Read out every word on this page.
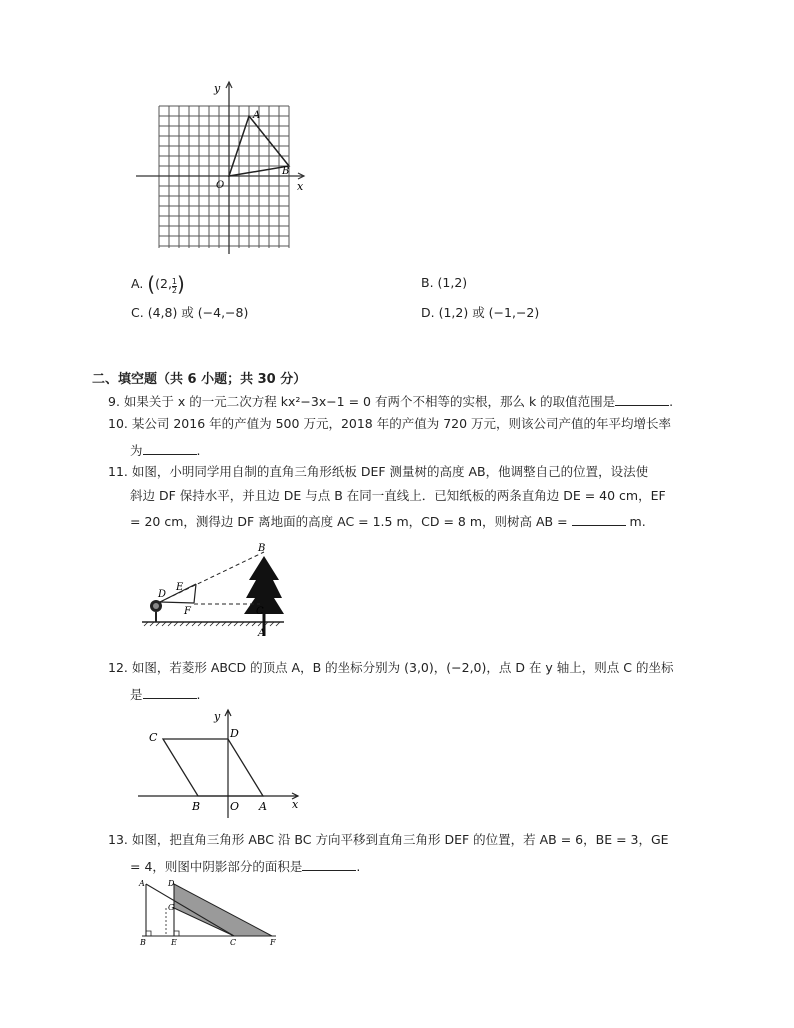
y
x
O
A
B
A. ((2, $\frac{1}{2}$ )	B. (1,2)
C. (4,8) 或 (−4,−8)	D. (1,2) 或 (−1,−2)
二、填空题（共 6 小题；共 30 分）
9. 如果关于 x 的一元二次方程 kx²−3x−1 = 0 有两个不相等的实根，那么 k 的取值范围是	.
10. 某公司 2016 年的产值为 500 万元，2018 年的产值为 720 万元，则该公司产值的年平均增长率
为	.
11. 如图，小明同学用自制的直角三角形纸板 DEF 测量树的高度 AB，他调整自己的位置，设法使
斜边 DF 保持水平，并且边 DE 与点 B 在同一直线上．已知纸板的两条直角边 DE = 40 cm，EF
= 20 cm，测得边 DF 离地面的高度 AC = 1.5 m，CD = 8 m，则树高 AB =	m.
B
D
E
F	C
A
12. 如图，若菱形 ABCD 的顶点 A，B 的坐标分别为 (3,0)，(−2,0)，点 D 在 y 轴上，则点 C 的坐标
是	.
y
x
C	D
B	O A
13. 如图，把直角三角形 ABC 沿 BC 方向平移到直角三角形 DEF 的位置，若 AB = 6，BE = 3，GE
= 4，则图中阴影部分的面积是	.
A	D
G
B	E	C	F
